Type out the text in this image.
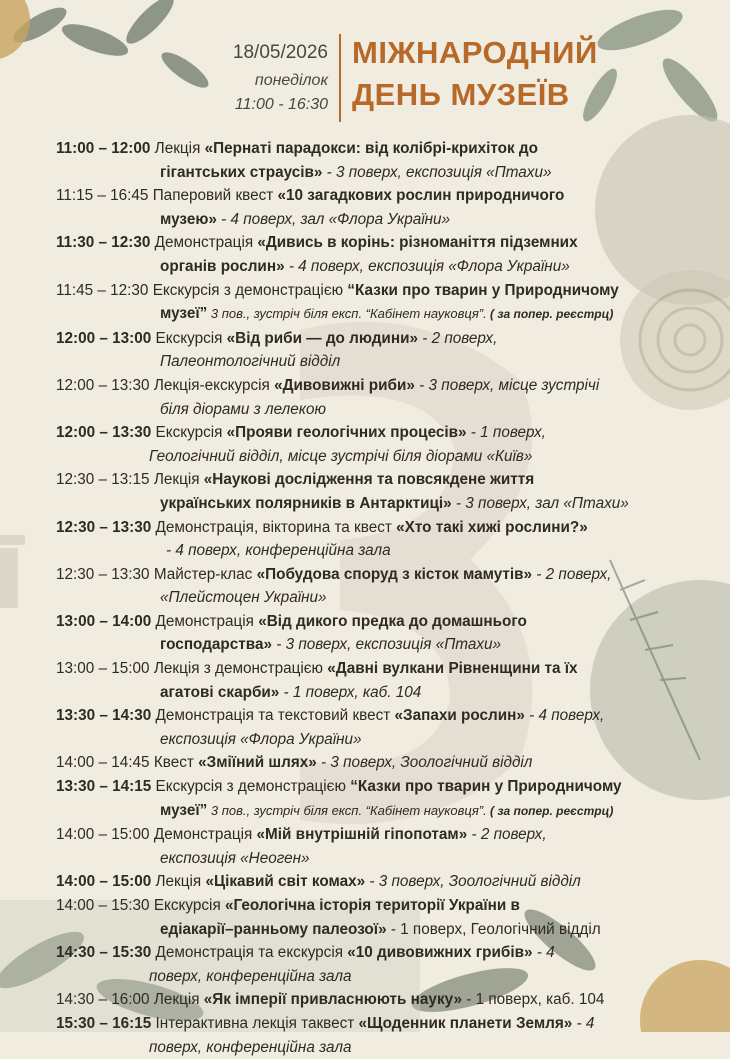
18/05/2026
понеділок
11:00 - 16:30
МІЖНАРОДНИЙ
ДЕНЬ МУЗЕЇВ
11:00 – 12:00 Лекція «Пернаті парадокси: від колібрі-крихіток до
гігантських страусів» - 3 поверх, експозиція «Птахи»
11:15 – 16:45 Паперовий квест «10 загадкових рослин природничого
музею» - 4 поверх, зал «Флора України»
11:30 – 12:30 Демонстрація «Дивись в корінь: різноманіття підземних
органів рослин» - 4 поверх, експозиція «Флора України»
11:45 – 12:30 Екскурсія з демонстрацією “Казки про тварин у Природничому
музеї” 3 пов., зустріч біля експ. “Кабінет науковця”. ( за попер. реєстрц)
12:00 – 13:00 Екскурсія «Від риби — до людини» - 2 поверх,
Палеонтологічний відділ
12:00 – 13:30 Лекція-екскурсія «Дивовижні риби» - 3 поверх, місце зустрічі
біля діорами з лелекою
12:00 – 13:30 Екскурсія «Прояви геологічних процесів» - 1 поверх,
Геологічний відділ, місце зустрічі біля діорами «Київ»
12:30 – 13:15 Лекція «Наукові дослідження та повсякдене життя
українських полярників в Антарктиці» - 3 поверх, зал «Птахи»
12:30 – 13:30 Демонстрація, вікторина та квест «Хто такі хижі рослини?»
- 4 поверх, конференційна зала
12:30 – 13:30 Майстер-клас «Побудова споруд з кісток мамутів» - 2 поверх,
«Плейстоцен України»
13:00 – 14:00 Демонстрація «Від дикого предка до домашнього
господарства» - 3 поверх, експозиція «Птахи»
13:00 – 15:00 Лекція з демонстрацією «Давні вулкани Рівненщини та їх
агатові скарби» - 1 поверх, каб. 104
13:30 – 14:30 Демонстрація та текстовий квест «Запахи рослин» - 4 поверх,
експозиція «Флора України»
14:00 – 14:45 Квест «Зміїний шлях» - 3 поверх, Зоологічний відділ
13:30 – 14:15 Екскурсія з демонстрацією “Казки про тварин у Природничому
музеї” 3 пов., зустріч біля експ. “Кабінет науковця”. ( за попер. реєстрц)
14:00 – 15:00 Демонстрація «Мій внутрішній гіпопотам» - 2 поверх,
експозиція «Неоген»
14:00 – 15:00 Лекція «Цікавий світ комах» - 3 поверх, Зоологічний відділ
14:00 – 15:30 Екскурсія «Геологічна історія території України в
едіакарії–ранньому палеозої» - 1 поверх, Геологічний відділ
14:30 – 15:30 Демонстрація та екскурсія «10 дивовижних грибів» - 4
поверх, конференційна зала
14:30 – 16:00 Лекція «Як імперії привласнюють науку» - 1 поверх, каб. 104
15:30 – 16:15 Інтерактивна лекція таквест «Щоденник планети Земля» - 4
поверх, конференційна зала
